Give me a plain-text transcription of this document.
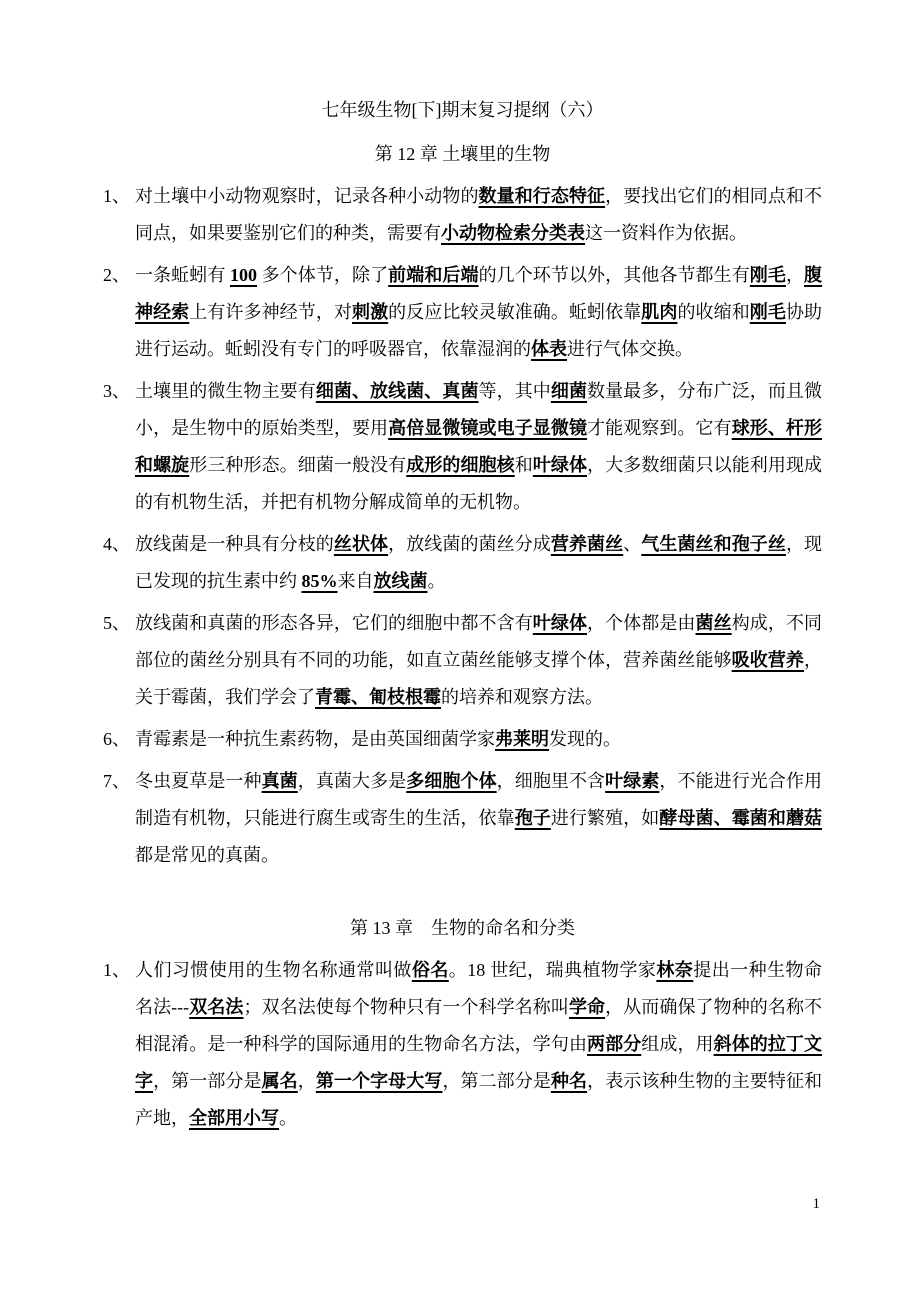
七年级生物[下]期末复习提纲（六）
第 12 章 土壤里的生物
1、 对土壤中小动物观察时，记录各种小动物的数量和行态特征，要找出它们的相同点和不同点，如果要鉴别它们的种类，需要有小动物检索分类表这一资料作为依据。
2、 一条蚯蚓有 100 多个体节，除了前端和后端的几个环节以外，其他各节都生有刚毛，腹神经索上有许多神经节，对刺激的反应比较灵敏准确。蚯蚓依靠肌肉的收缩和刚毛协助进行运动。蚯蚓没有专门的呼吸器官，依靠湿润的体表进行气体交换。
3、 土壤里的微生物主要有细菌、放线菌、真菌等，其中细菌数量最多，分布广泛，而且微小，是生物中的原始类型，要用高倍显微镜或电子显微镜才能观察到。它有球形、杆形和螺旋形三种形态。细菌一般没有成形的细胞核和叶绿体，大多数细菌只以能利用现成的有机物生活，并把有机物分解成简单的无机物。
4、 放线菌是一种具有分枝的丝状体，放线菌的菌丝分成营养菌丝、气生菌丝和孢子丝，现已发现的抗生素中约 85%来自放线菌。
5、 放线菌和真菌的形态各异，它们的细胞中都不含有叶绿体，个体都是由菌丝构成，不同部位的菌丝分别具有不同的功能，如直立菌丝能够支撑个体，营养菌丝能够吸收营养，关于霉菌，我们学会了青霉、匍枝根霉的培养和观察方法。
6、 青霉素是一种抗生素药物，是由英国细菌学家弗莱明发现的。
7、 冬虫夏草是一种真菌，真菌大多是多细胞个体，细胞里不含叶绿素，不能进行光合作用制造有机物，只能进行腐生或寄生的生活，依靠孢子进行繁殖，如酵母菌、霉菌和蘑菇都是常见的真菌。
第 13 章　生物的命名和分类
1、 人们习惯使用的生物名称通常叫做俗名。18 世纪，瑞典植物学家林奈提出一种生物命名法---双名法；双名法使每个物种只有一个科学名称叫学命，从而确保了物种的名称不相混淆。是一种科学的国际通用的生物命名方法，学句由两部分组成，用斜体的拉丁文字，第一部分是属名，第一个字母大写，第二部分是种名，表示该种生物的主要特征和产地，全部用小写。
1
